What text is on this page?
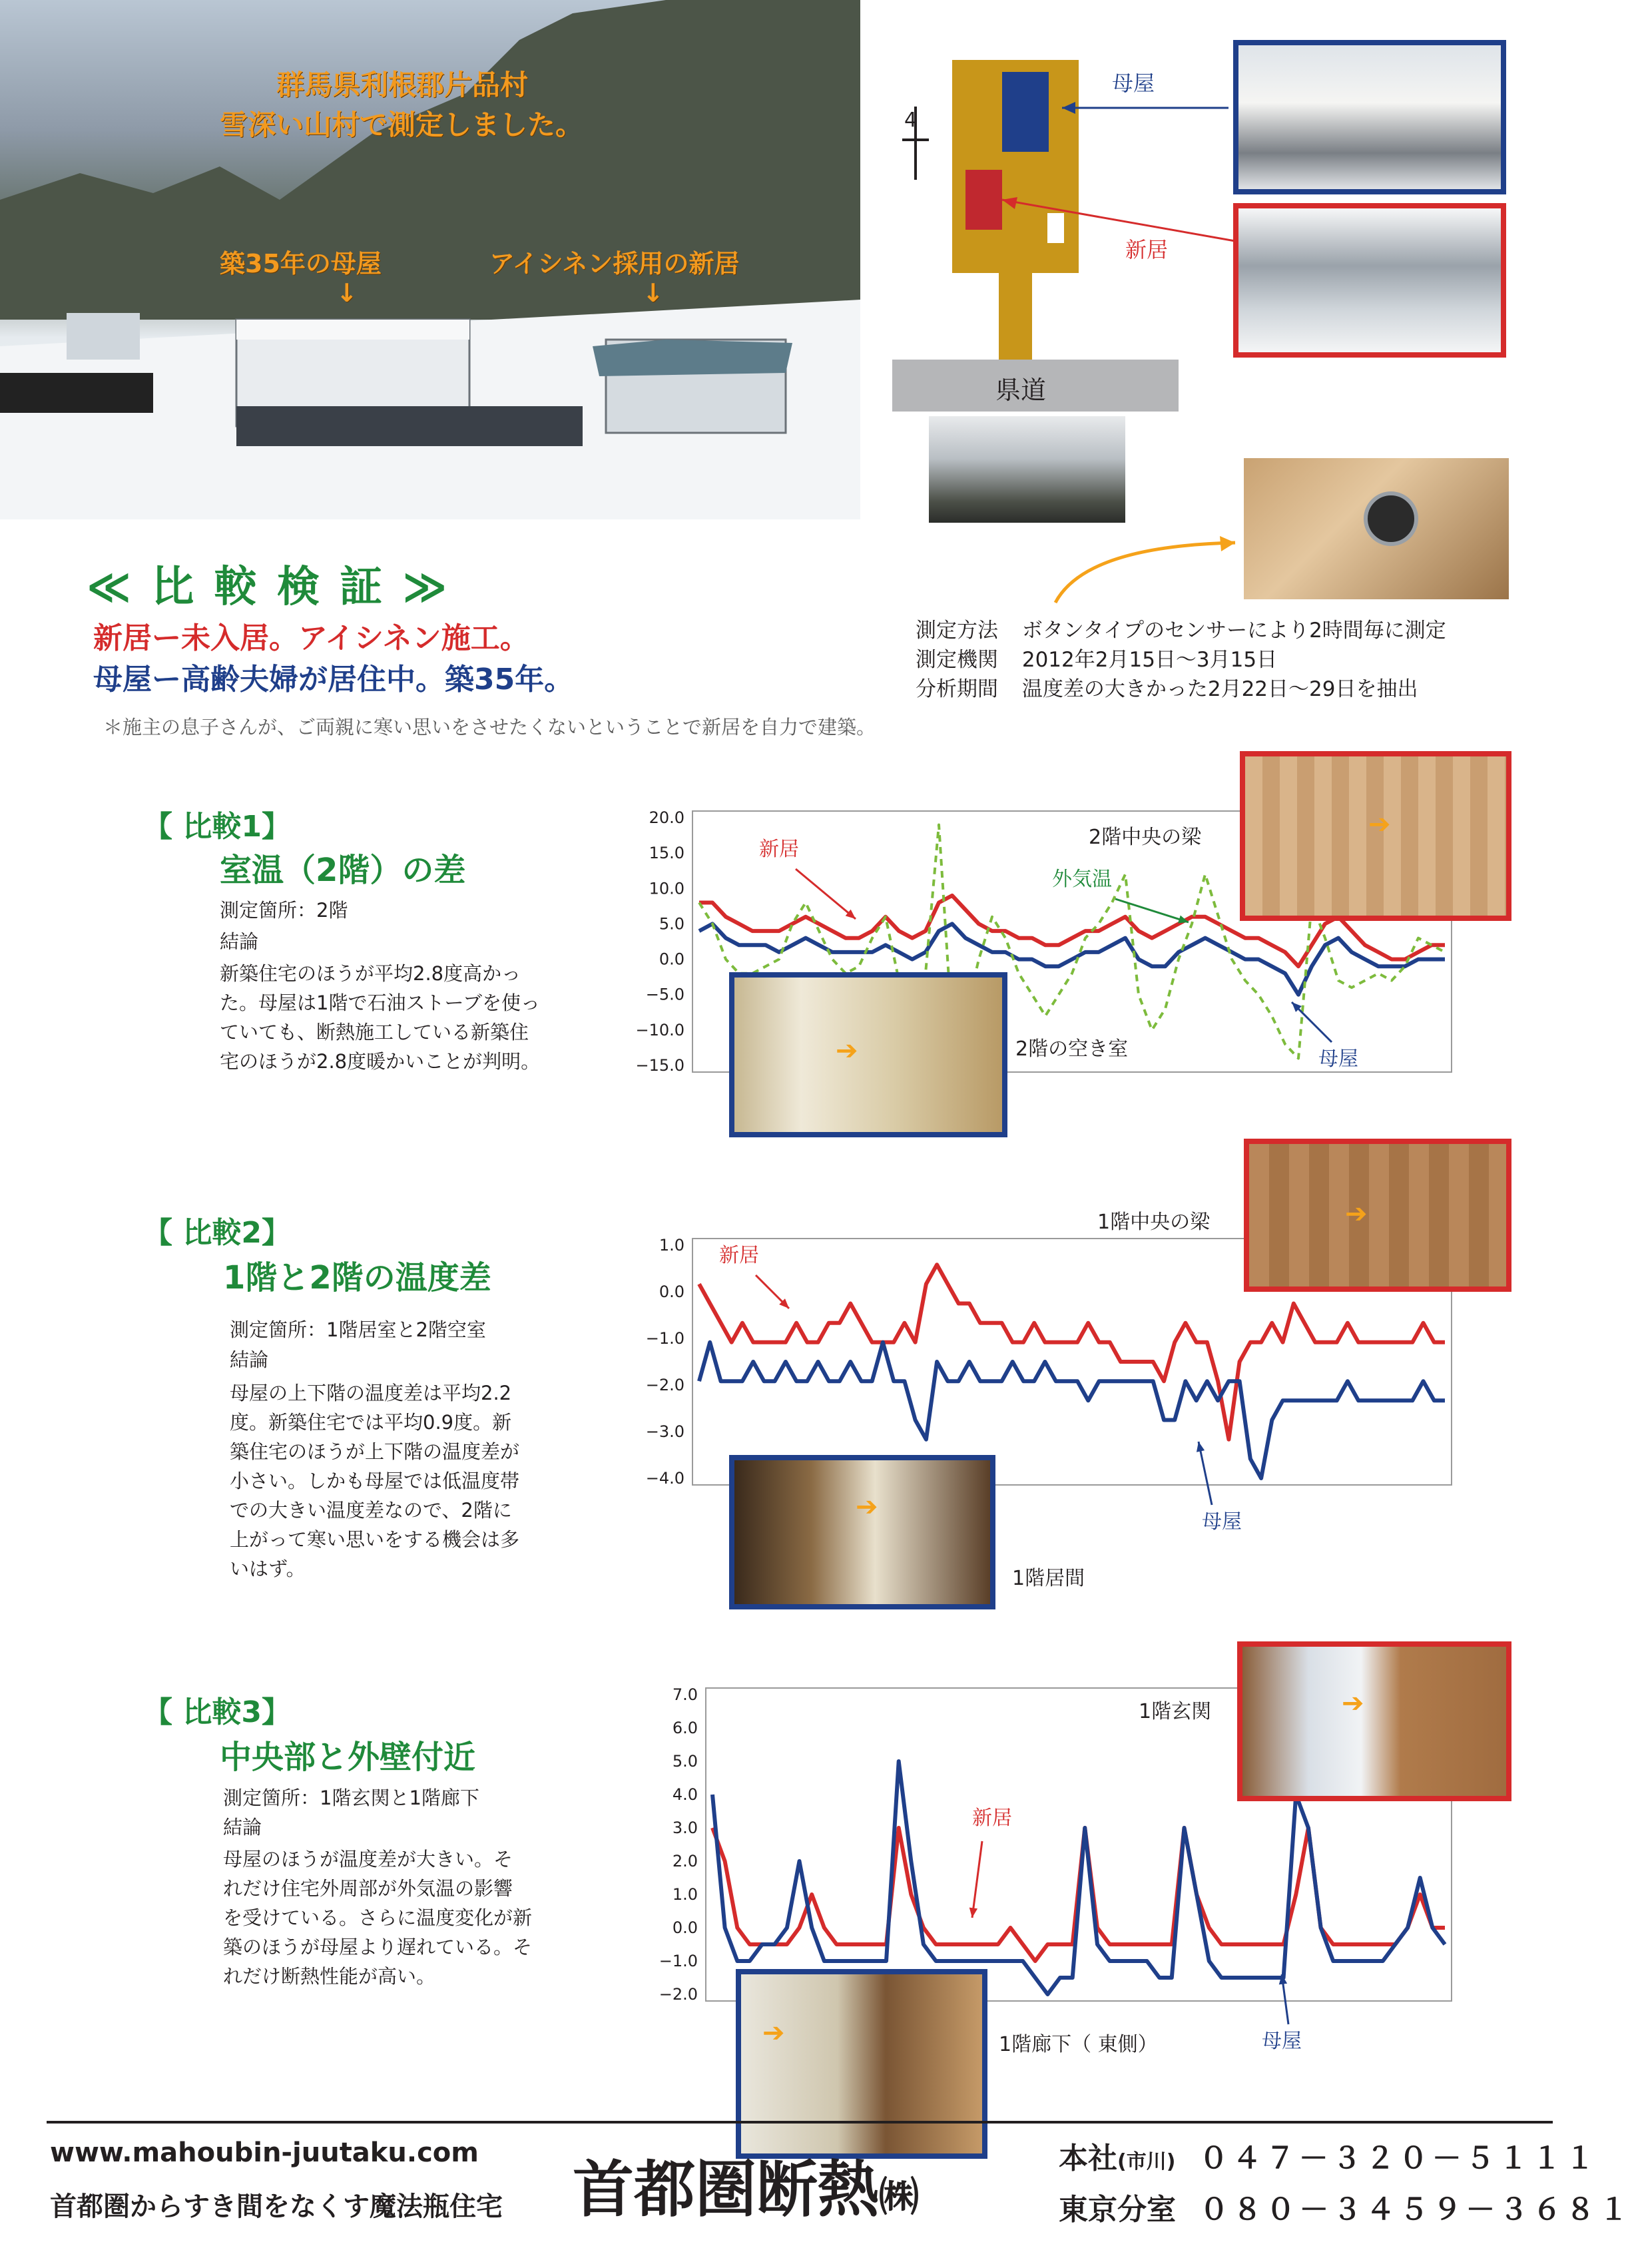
群馬県利根郡片品村
雪深い山村で測定しました。
築35年の母屋	アイシネン採用の新居
↓	↓
4
県道
母屋
新居
≪ 比 較 検 証 ≫
新居ー未入居。アイシネン施工。
母屋ー高齢夫婦が居住中。築35年。
＊施主の息子さんが、ご両親に寒い思いをさせたくないということで新居を自力で建築。
測定方法 ボタンタイプのセンサーにより2時間毎に測定
測定機関 2012年2月15日～3月15日
分析期間 温度差の大きかった2月22日～29日を抽出
【 比較1】
室温（2階）の差
測定箇所：2階
結論
新築住宅のほうが平均2.8度高かっ
た。母屋は1階で石油ストーブを使っ
ていても、断熱施工している新築住
宅のほうが2.8度暖かいことが判明。
20.0
15.0
10.0
5.0
0.0
−5.0
−10.0
−15.0
新居
外気温
母屋
➔
2階中央の梁
➔	2階の空き室
【 比較2】
1階と2階の温度差
測定箇所：1階居室と2階空室
結論
母屋の上下階の温度差は平均2.2
度。新築住宅では平均0.9度。新
築住宅のほうが上下階の温度差が
小さい。しかも母屋では低温度帯
での大きい温度差なので、2階に
上がって寒い思いをする機会は多
いはず。
1.0
0.0
−1.0
−2.0
−3.0
−4.0
新居
母屋
➔
1階中央の梁
➔
1階居間
【 比較3】
中央部と外壁付近
測定箇所：1階玄関と1階廊下
結論
母屋のほうが温度差が大きい。そ
れだけ住宅外周部が外気温の影響
を受けている。さらに温度変化が新
築のほうが母屋より遅れている。そ
れだけ断熱性能が高い。
7.0
6.0
5.0
4.0
3.0
2.0
1.0
0.0
−1.0
−2.0
新居
母屋
➔
1階玄関
➔	1階廊下（ 東側）
www.mahoubin-juutaku.com
首都圏からすき間をなくす魔法瓶住宅 首都圏断熱㈱
本社(市川) ０４７－３２０－５１１１
東京分室 ０８０－３４５９－３６８１
